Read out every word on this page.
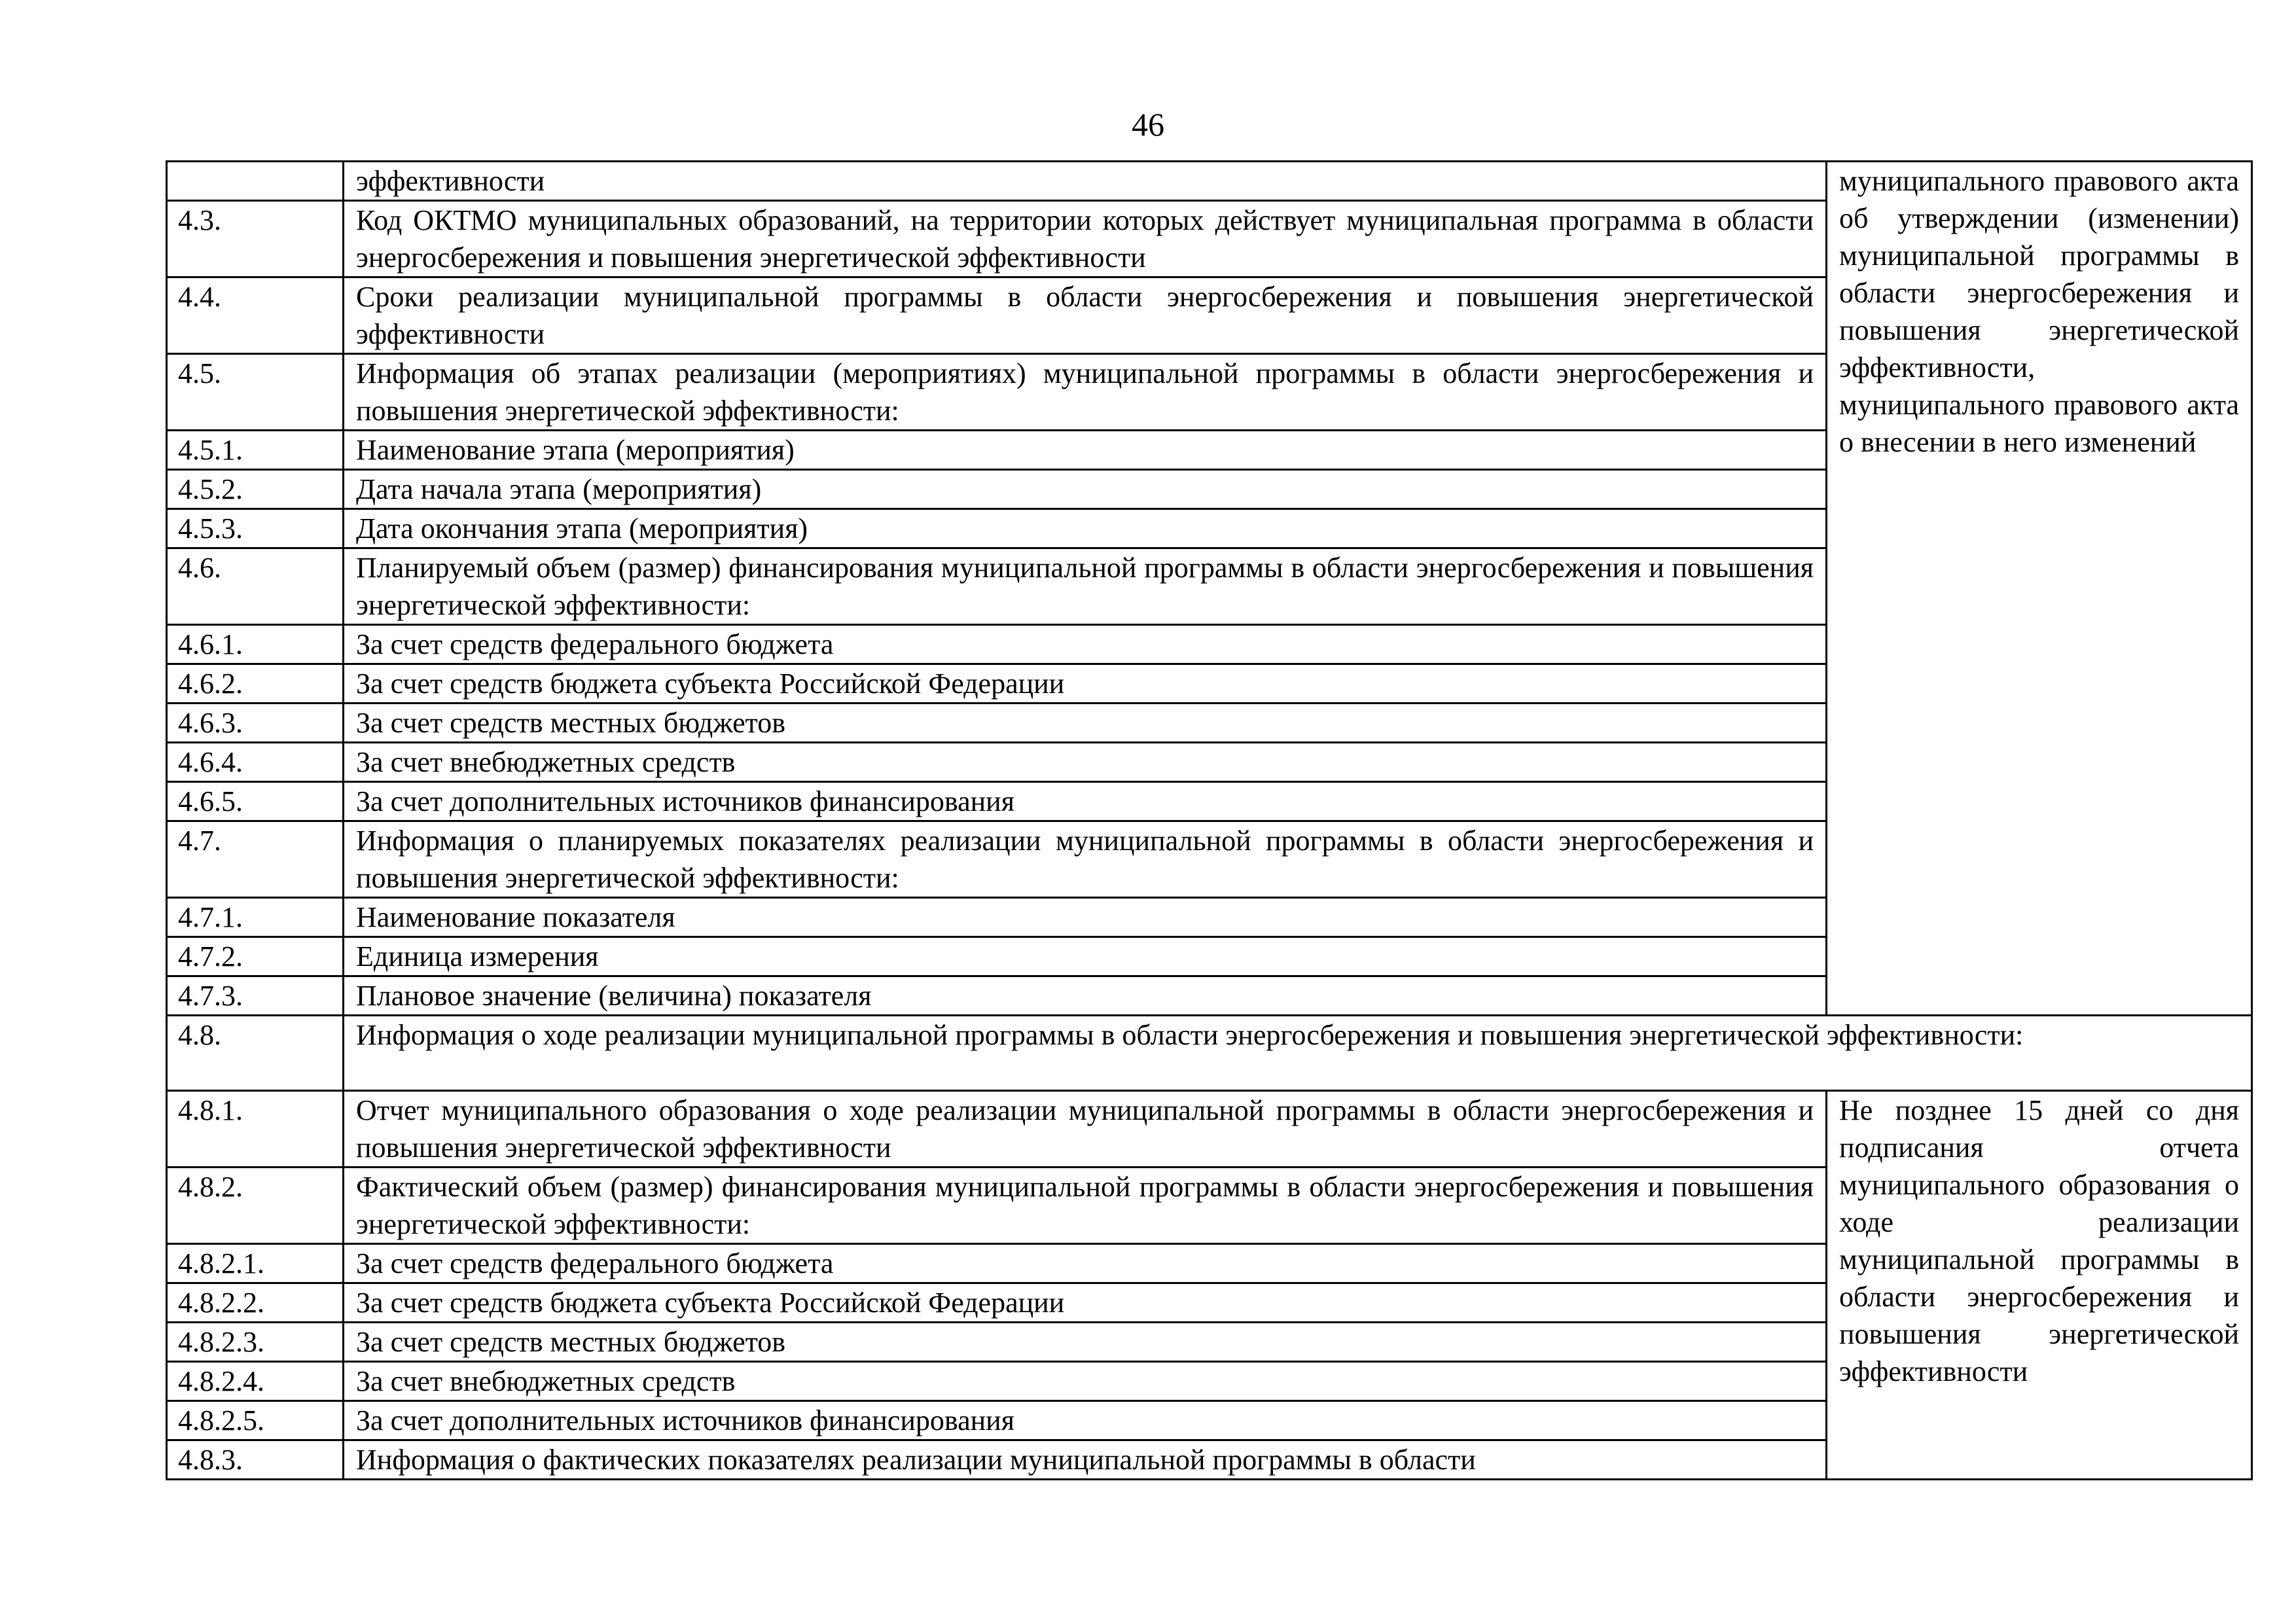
46
	эффективности	муниципального правового акта об утверждении (изменении) муниципальной программы в области энергосбережения и повышения энергетической эффективности, муниципального правового акта о внесении в него изменений
4.3.	Код ОКТМО муниципальных образований, на территории которых действует муниципальная программа в области энергосбережения и повышения энергетической эффективности	
4.4.	Сроки реализации муниципальной программы в области энергосбережения и повышения энергетической эффективности	
4.5.	Информация об этапах реализации (мероприятиях) муниципальной программы в области энергосбережения и повышения энергетической эффективности:	
4.5.1.	Наименование этапа (мероприятия)	
4.5.2.	Дата начала этапа (мероприятия)	
4.5.3.	Дата окончания этапа (мероприятия)	
4.6.	Планируемый объем (размер) финансирования муниципальной программы в области энергосбережения и повышения энергетической эффективности:	
4.6.1.	За счет средств федерального бюджета	
4.6.2.	За счет средств бюджета субъекта Российской Федерации	
4.6.3.	За счет средств местных бюджетов	
4.6.4.	За счет внебюджетных средств	
4.6.5.	За счет дополнительных источников финансирования	
4.7.	Информация о планируемых показателях реализации муниципальной программы в области энергосбережения и повышения энергетической эффективности:	
4.7.1.	Наименование показателя	
4.7.2.	Единица измерения	
4.7.3.	Плановое значение (величина) показателя	
4.8.	Информация о ходе реализации муниципальной программы в области энергосбережения и повышения энергетической эффективности:	
4.8.1.	Отчет муниципального образования о ходе реализации муниципальной программы в области энергосбережения и повышения энергетической эффективности	Не позднее 15 дней со дня подписания отчета муниципального образования о ходе реализации муниципальной программы в области энергосбережения и повышения энергетической эффективности
4.8.2.	Фактический объем (размер) финансирования муниципальной программы в области энергосбережения и повышения энергетической эффективности:	
4.8.2.1.	За счет средств федерального бюджета	
4.8.2.2.	За счет средств бюджета субъекта Российской Федерации	
4.8.2.3.	За счет средств местных бюджетов	
4.8.2.4.	За счет внебюджетных средств	
4.8.2.5.	За счет дополнительных источников финансирования	
4.8.3.	Информация о фактических показателях реализации муниципальной программы в области	
